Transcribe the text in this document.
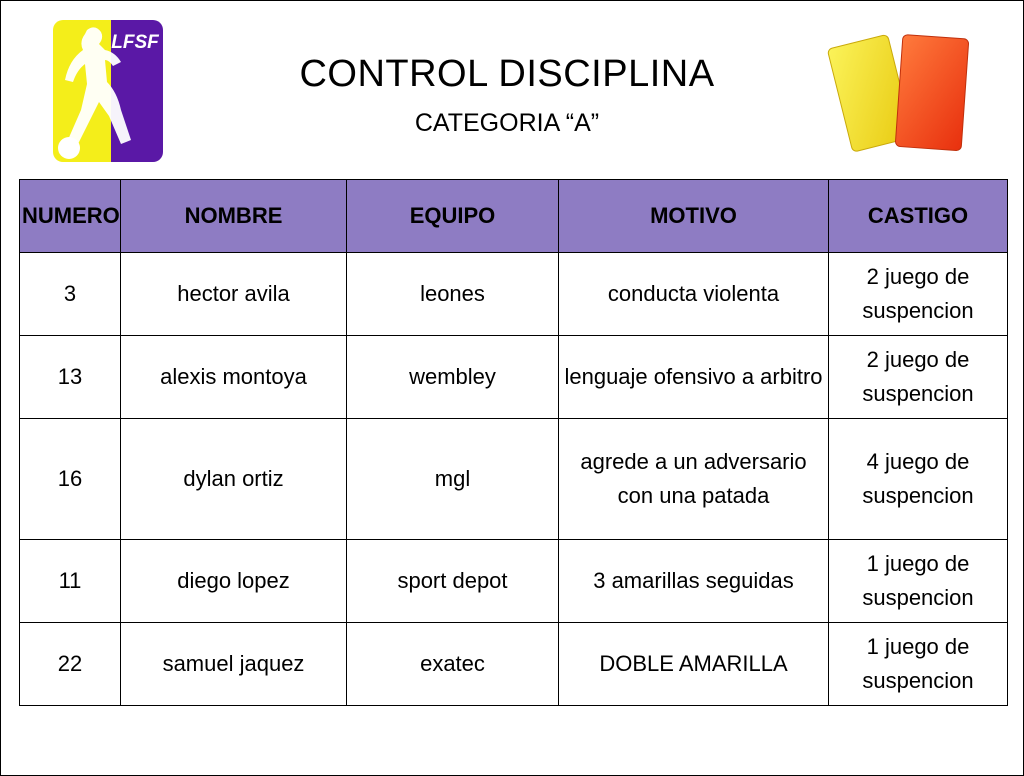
LFSF
CONTROL DISCIPLINA
CATEGORIA “A”
NUMERO	NOMBRE	EQUIPO	MOTIVO	CASTIGO
3	hector avila	leones	conducta violenta	2 juego de suspencion
13	alexis montoya	wembley	lenguaje ofensivo a arbitro	2 juego de suspencion
16	dylan ortiz	mgl	agrede a un adversario con una patada	4 juego de suspencion
11	diego lopez	sport depot	3 amarillas seguidas	1 juego de suspencion
22	samuel jaquez	exatec	DOBLE AMARILLA	1 juego de suspencion
